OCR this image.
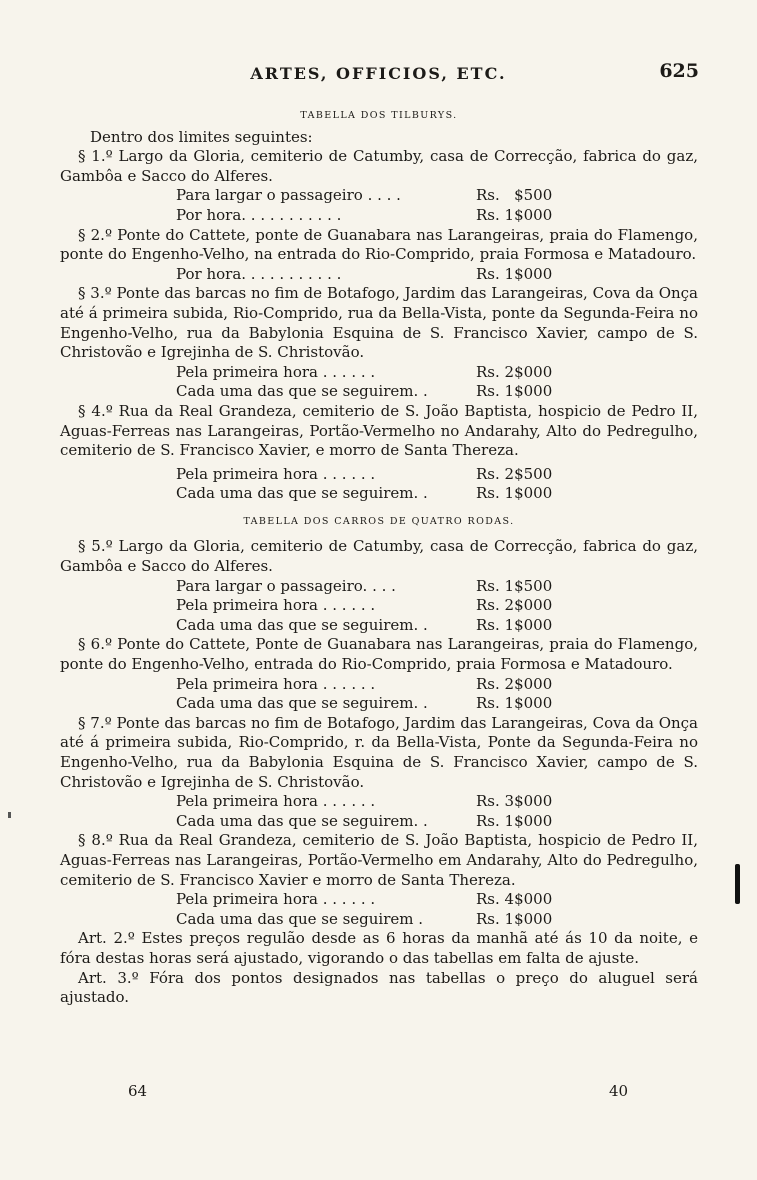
ARTES, OFFICIOS, ETC.	625
TABELLA DOS TILBURYS.

Dentro dos limites seguintes:

§ 1.º Largo da Gloria, cemiterio de Catumby, casa de Correcção, fabrica do gaz, Gambôa e Sacco do Alferes.

Para largar o passageiro . . . .	Rs.   $500
Por hora. . . . . . . . . . .	Rs. 1$000

§ 2.º Ponte do Cattete, ponte de Guanabara nas Larangeiras, praia do Flamengo, ponte do Engenho-Velho, na entrada do Rio-Comprido, praia Formosa e Matadouro.

Por hora. . . . . . . . . . .	Rs. 1$000

§ 3.º Ponte das barcas no fim de Botafogo, Jardim das Larangeiras, Cova da Onça até á primeira subida, Rio-Comprido, rua da Bella-Vista, ponte da Segunda-Feira no Engenho-Velho, rua da Babylonia Esquina de S. Francisco Xavier, campo de S. Christovão e Igrejinha de S. Christovão.

Pela primeira hora . . . . . .	Rs. 2$000
Cada uma das que se seguirem. .	Rs. 1$000

§ 4.º Rua da Real Grandeza, cemiterio de S. João Baptista, hospicio de Pedro II, Aguas-Ferreas nas Larangeiras, Portão-Vermelho no Andarahy, Alto do Pedregulho, cemiterio de S. Francisco Xavier, e morro de Santa Thereza.

Pela primeira hora . . . . . .	Rs. 2$500
Cada uma das que se seguirem. .	Rs. 1$000
TABELLA DOS CARROS DE QUATRO RODAS.

§ 5.º Largo da Gloria, cemiterio de Catumby, casa de Correcção, fabrica do gaz, Gambôa e Sacco do Alferes.

Para largar o passageiro. . . .	Rs. 1$500
Pela primeira hora . . . . . .	Rs. 2$000
Cada uma das que se seguirem. .	Rs. 1$000

§ 6.º Ponte do Cattete, Ponte de Guanabara nas Larangeiras, praia do Flamengo, ponte do Engenho-Velho, entrada do Rio-Comprido, praia Formosa e Matadouro.

Pela primeira hora . . . . . .	Rs. 2$000
Cada uma das que se seguirem. .	Rs. 1$000

§ 7.º Ponte das barcas no fim de Botafogo, Jardim das Larangeiras, Cova da Onça até á primeira subida, Rio-Comprido, r. da Bella-Vista, Ponte da Segunda-Feira no Engenho-Velho, rua da Babylonia Esquina de S. Francisco Xavier, campo de S. Christovão e Igrejinha de S. Christovão.

Pela primeira hora . . . . . .	Rs. 3$000
Cada uma das que se seguirem. .	Rs. 1$000

§ 8.º Rua da Real Grandeza, cemiterio de S. João Baptista, hospicio de Pedro II, Aguas-Ferreas nas Larangeiras, Portão-Vermelho em Andarahy, Alto do Pedregulho, cemiterio de S. Francisco Xavier e morro de Santa Thereza.

Pela primeira hora . . . . . .	Rs. 4$000
Cada uma das que se seguirem .	Rs. 1$000

Art. 2.º Estes preços regulão desde as 6 horas da manhã até ás 10 da noite, e fóra destas horas será ajustado, vigorando o das tabellas em falta de ajuste.

Art. 3.º Fóra dos pontos designados nas tabellas o preço do aluguel será ajustado.

64	40
